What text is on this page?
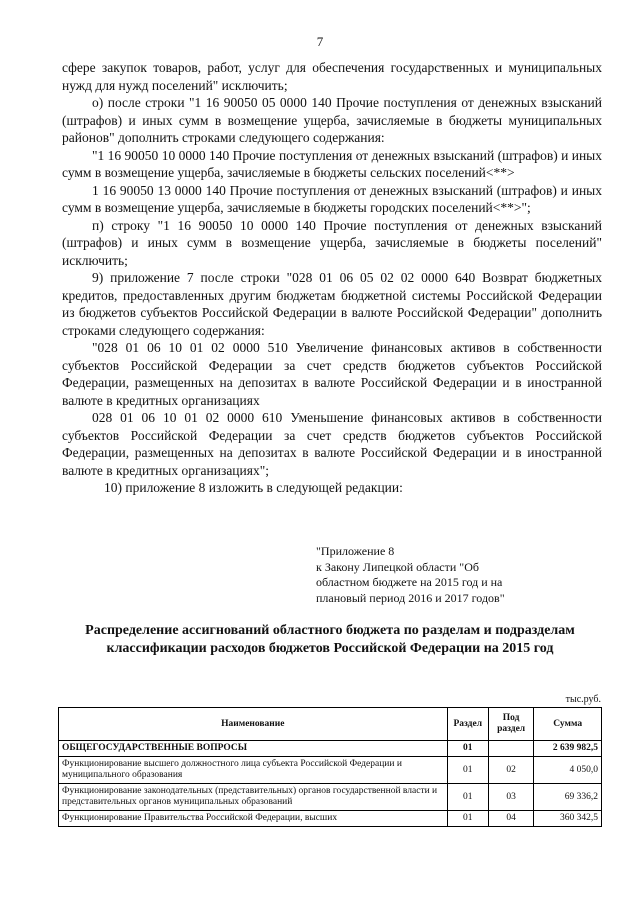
7

сфере закупок товаров, работ, услуг для обеспечения государственных и муниципальных нужд для нужд поселений" исключить;

о) после строки "1 16 90050 05 0000 140 Прочие поступления от денежных взысканий (штрафов) и иных сумм в возмещение ущерба, зачисляемые в бюджеты муниципальных районов" дополнить строками следующего содержания:

"1 16 90050 10 0000 140 Прочие поступления от денежных взысканий (штрафов) и иных сумм в возмещение ущерба, зачисляемые в бюджеты сельских поселений<**>

1 16 90050 13 0000 140 Прочие поступления от денежных взысканий (штрафов) и иных сумм в возмещение ущерба, зачисляемые в бюджеты городских поселений<**>";

п) строку "1 16 90050 10 0000 140 Прочие поступления от денежных взысканий (штрафов) и иных сумм в возмещение ущерба, зачисляемые в бюджеты поселений" исключить;

9) приложение 7 после строки "028 01 06 05 02 02 0000 640 Возврат бюджетных кредитов, предоставленных другим бюджетам бюджетной системы Российской Федерации из бюджетов субъектов Российской Федерации в валюте Российской Федерации" дополнить строками следующего содержания:

"028 01 06 10 01 02 0000 510 Увеличение финансовых активов в собственности субъектов Российской Федерации за счет средств бюджетов субъектов Российской Федерации, размещенных на депозитах в валюте Российской Федерации и в иностранной валюте в кредитных организациях

028 01 06 10 01 02 0000 610 Уменьшение финансовых активов в собственности субъектов Российской Федерации за счет средств бюджетов субъектов Российской Федерации, размещенных на депозитах в валюте Российской Федерации и в иностранной валюте в кредитных организациях";

10) приложение 8 изложить в следующей редакции:

"Приложение 8
к Закону Липецкой области "Об
областном бюджете на 2015 год и на
плановый период 2016 и 2017 годов"
Распределение ассигнований областного бюджета по разделам и подразделам классификации расходов бюджетов Российской Федерации на 2015 год
тыс.руб.
Наименование	Раздел	Под раздел	Сумма
ОБЩЕГОСУДАРСТВЕННЫЕ ВОПРОСЫ	01		2 639 982,5
Функционирование высшего должностного лица субъекта Российской Федерации и муниципального образования	01	02	4 050,0
Функционирование законодательных (представительных) органов государственной власти и представительных органов муниципальных образований	01	03	69 336,2
Функционирование Правительства Российской Федерации, высших	01	04	360 342,5
